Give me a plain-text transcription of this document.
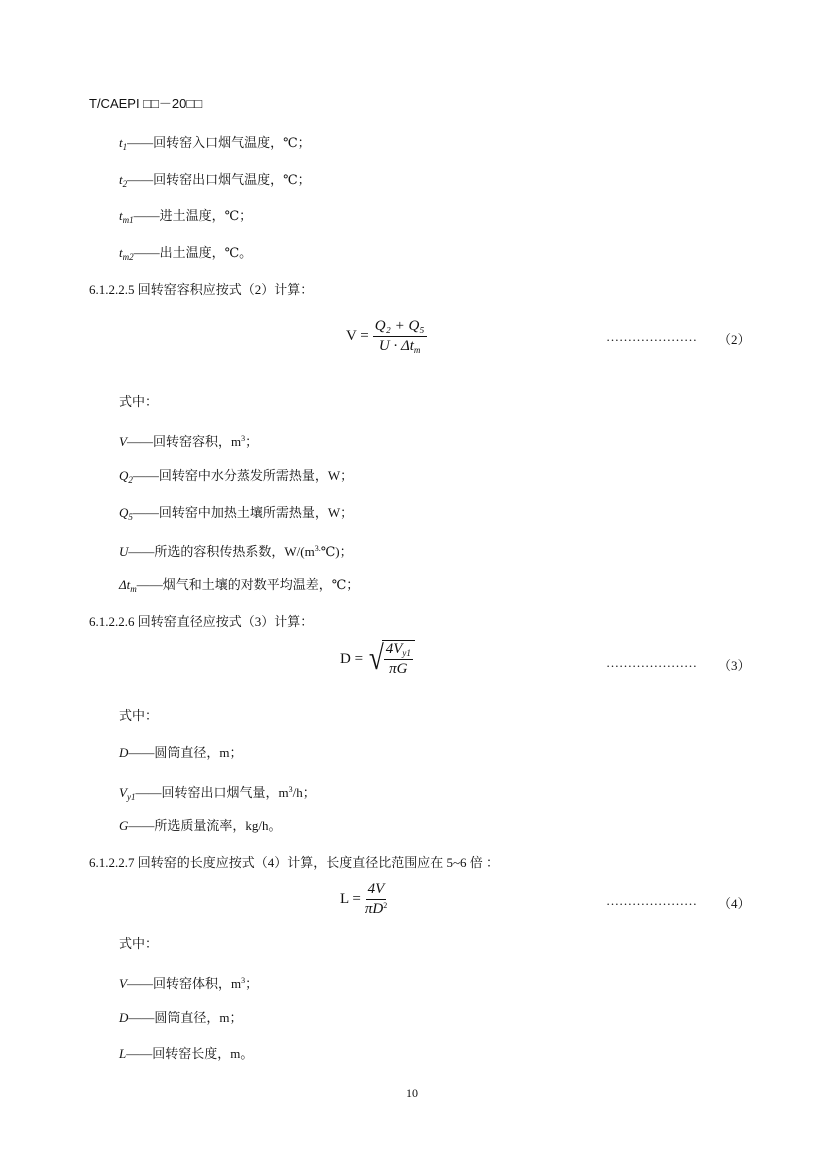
T/CAEPI □□－20□□
$t_1——$回转窑入口烟气温度，℃；
$t_2——$回转窑出口烟气温度，℃；
$t_{m1}——$进土温度，℃；
$t_{m2}——$出土温度，℃。
6.1.2.2.5 回转窑容积应按式（2）计算：
$V = \frac{\text{Q₂ + Q₅}}{U \cdot \Delta t_m}$	………………… （2）
式中：
V——回转窑容积，$m^3$；
$Q_2——$回转窑中水分蒸发所需热量，W；
$Q_5——$回转窑中加热土壤所需热量，W；
U——所选的容积传热系数，$W/(m^{3.}℃)$；
$\Delta t_m——$烟气和土壤的对数平均温差，℃；
6.1.2.2.6 回转窑直径应按式（3）计算：
D = √
$\frac{4V_{y1}}{\pi G}$	………………… （3）
式中：
D——圆筒直径，m；
$V_{y1}——$回转窑出口烟气量，$m^3/h$；
G——所选质量流率，kg/h。
6.1.2.2.7 回转窑的长度应按式（4）计算，长度直径比范围应在 5~6 倍 ：
$L = \frac{4V}{\pi D^2}$	………………… （4）
式中：
V——回转窑体积，$m^3$；
D——圆筒直径，m；
L——回转窑长度，m。
10
